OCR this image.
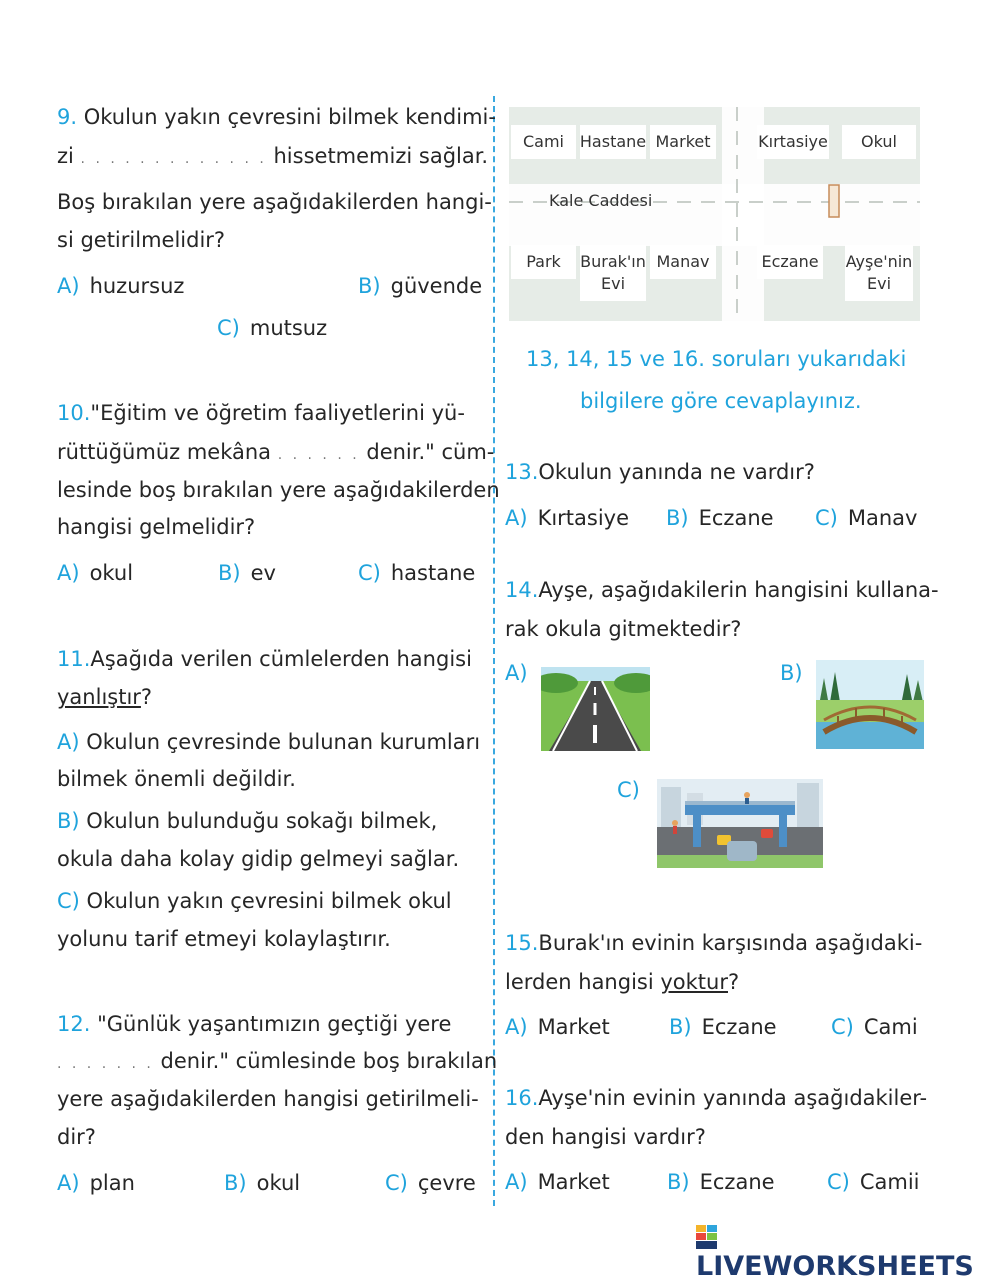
9. Okulun yakın çevresini bilmek kendimi-
zi . . . . . . . . . . . . . hissetmemizi sağlar.
Boş bırakılan yere aşağıdakilerden hangi-
si getirilmelidir?
A) huzursuz	B) güvende
C) mutsuz
10."Eğitim ve öğretim faaliyetlerini yü-
rüttüğümüz mekâna . . . . . . denir." cüm-
lesinde boş bırakılan yere aşağıdakilerden
hangisi gelmelidir?
A) okul	B) ev	C) hastane
11.Aşağıda verilen cümlelerden hangisi
yanlıştır?
A) Okulun çevresinde bulunan kurumları
bilmek önemli değildir.
B) Okulun bulunduğu sokağı bilmek,
okula daha kolay gidip gelmeyi sağlar.
C) Okulun yakın çevresini bilmek okul
yolunu tarif etmeyi kolaylaştırır.
12. "Günlük yaşantımızın geçtiği yere
. . . . . . . denir." cümlesinde boş bırakılan
yere aşağıdakilerden hangisi getirilmeli-
dir?
A) plan	B) okul	C) çevre
Cami Hastane Market	Kırtasiye	Okul
Kale Caddesi
Park	Burak'ın Evi
Manav	Eczane Ayşe'nin Evi
13, 14, 15 ve 16. soruları yukarıdaki
bilgilere göre cevaplayınız.
13.Okulun yanında ne vardır?
A) Kırtasiye B) Eczane C) Manav
14.Ayşe, aşağıdakilerin hangisini kullana-
rak okula gitmektedir?
A)	B)
C)
15.Burak'ın evinin karşısında aşağıdaki-
lerden hangisi yoktur?
A) Market	B) Eczane	C) Cami
16.Ayşe'nin evinin yanında aşağıdakiler-
den hangisi vardır?
A) Market	B) Eczane C) Camii
LIVEWORKSHEETS
